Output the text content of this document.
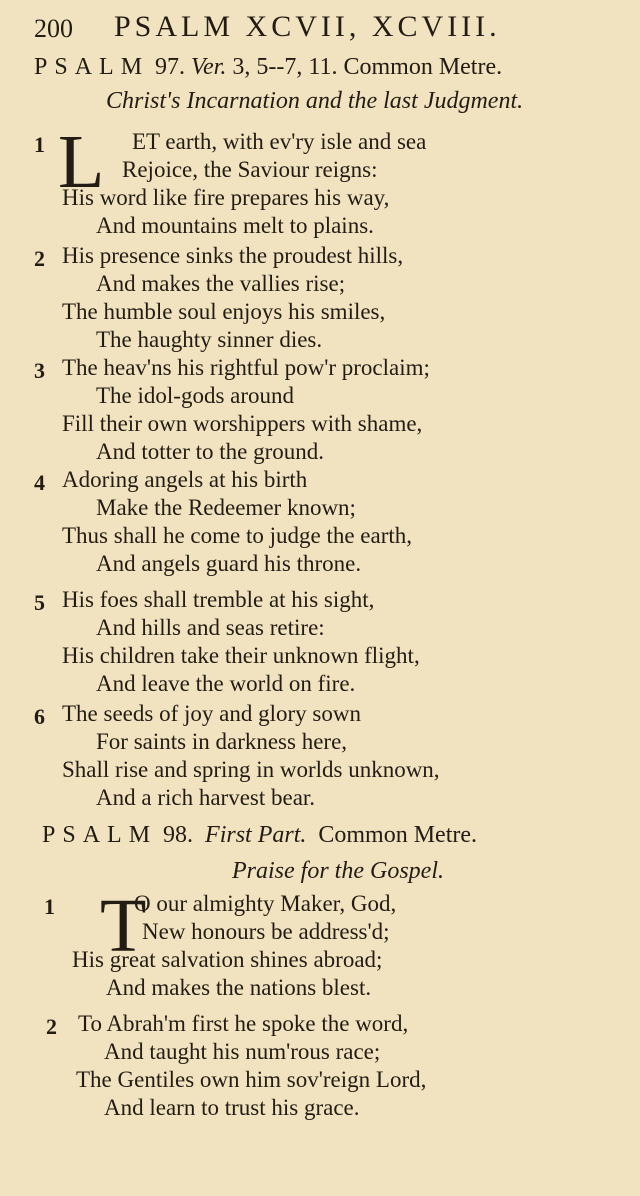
200 PSALM XCVII, XCVIII.
PSALM 97. Ver. 3, 5--7, 11. Common Metre.
Christ's Incarnation and the last Judgment.
1 L	ET earth, with ev'ry isle and sea
Rejoice, the Saviour reigns:
His word like fire prepares his way,
And mountains melt to plains.
2 His presence sinks the proudest hills,
And makes the vallies rise;
The humble soul enjoys his smiles,
The haughty sinner dies.
3 The heav'ns his rightful pow'r proclaim;
The idol-gods around
Fill their own worshippers with shame,
And totter to the ground.
4 Adoring angels at his birth
Make the Redeemer known;
Thus shall he come to judge the earth,
And angels guard his throne.
5 His foes shall tremble at his sight,
And hills and seas retire:
His children take their unknown flight,
And leave the world on fire.
6 The seeds of joy and glory sown
For saints in darkness here,
Shall rise and spring in worlds unknown,
And a rich harvest bear.
PSALM 98. First Part. Common Metre.
Praise for the Gospel.
1 T
O our almighty Maker, God,
New honours be address'd;
His great salvation shines abroad;
And makes the nations blest.
2 To Abrah'm first he spoke the word,
And taught his num'rous race;
The Gentiles own him sov'reign Lord,
And learn to trust his grace.
